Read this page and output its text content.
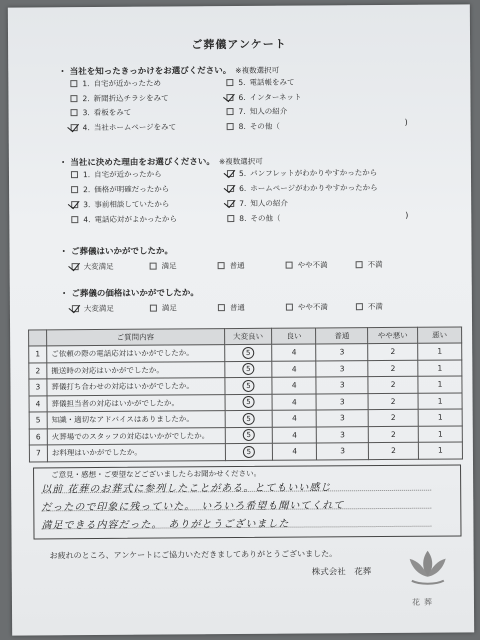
ご葬儀アンケート
・ 当社を知ったきっかけをお選びください。 ※複数選択可
1. 自宅が近かったため
2. 新聞折込チラシをみて
3. 看板をみて
4. 当社ホームページをみて
5. 電話帳をみて
6. インターネット
7. 知人の紹介
8. その他（	)
・ 当社に決めた理由をお選びください。 ※複数選択可
1. 自宅が近かったから
2. 価格が明確だったから
3. 事前相談していたから
4. 電話応対がよかったから
5. パンフレットがわかりやすかったから
6. ホームページがわかりやすかったから
7. 知人の紹介
8. その他（	)
・ ご葬儀はいかがでしたか。
大変満足	満足	普通	やや不満	不満
・ ご葬儀の価格はいかがでしたか。
大変満足	満足	普通	やや不満	不満
	ご質問内容	大変良い	良い	普通	やや悪い	悪い
1	ご依頼の際の電話応対はいかがでしたか。	5	4	3	2	1
2	搬送時の対応はいかがでしたか。	5	4	3	2	1
3	葬儀打ち合わせの対応はいかがでしたか。	5	4	3	2	1
4	葬儀担当者の対応はいかがでしたか。	5	4	3	2	1
5	知識・適切なアドバイスはありましたか。	5	4	3	2	1
6	火葬場でのスタッフの対応はいかがでしたか。	5	4	3	2	1
7	お料理はいかがでしたか。	5	4	3	2	1
ご意見・感想・ご要望などございましたらお聞かせください。
以前 花葬のお葬式に参列したことがある。とてもいい感じ
だったので印象に残っていた。　いろいろ希望も聞いてくれて
満足できる内容だった。　ありがとうございました
お疲れのところ、アンケートにご協力いただきましてありがとうございました。
株式会社　花葬
花葬
